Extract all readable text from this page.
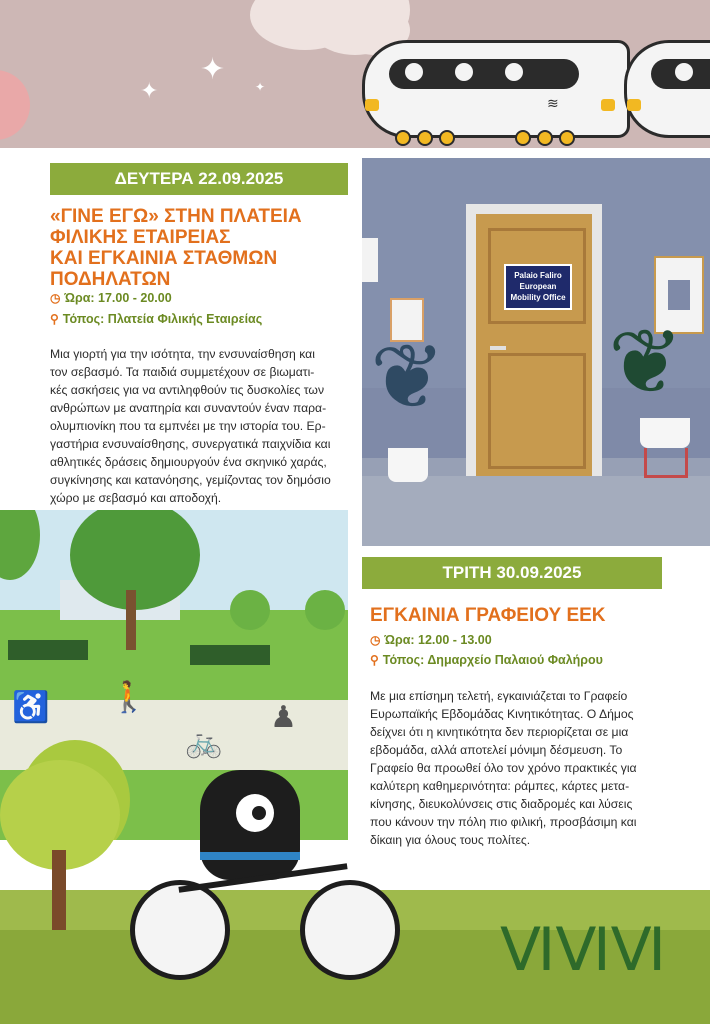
✦
✦	✦
≋
ΔΕΥΤΕΡΑ 22.09.2025
«ΓΙΝΕ ΕΓΩ» ΣΤΗΝ ΠΛΑΤΕΙΑ
ΦΙΛΙΚΗΣ ΕΤΑΙΡΕΙΑΣ
ΚΑΙ ΕΓΚΑΙΝΙΑ ΣΤΑΘΜΩΝ
ΠΟΔΗΛΑΤΩΝ
◷ Ώρα: 17.00 - 20.00
⚲ Τόπος: Πλατεία Φιλικής Εταιρείας
Μια γιορτή για την ισότητα, την ενσυναίσθηση και
τον σεβασμό. Τα παιδιά συμμετέχουν σε βιωματι-
κές ασκήσεις για να αντιληφθούν τις δυσκολίες των
ανθρώπων με αναπηρία και συναντούν έναν παρα-
ολυμπιονίκη που τα εμπνέει με την ιστορία του. Ερ-
γαστήρια ενσυναίσθησης, συνεργατικά παιχνίδια και
αθλητικές δράσεις δημιουργούν ένα σκηνικό χαράς,
συγκίνησης και κατανόησης, γεμίζοντας τον δημόσιο
χώρο με σεβασμό και αποδοχή.
Palaio Faliro
European
Mobility Office
❦ ❦
ΤΡΙΤΗ 30.09.2025
ΕΓΚΑΙΝΙΑ ΓΡΑΦΕΙΟΥ ΕΕΚ
◷ Ώρα: 12.00 - 13.00
⚲ Τόπος: Δημαρχείο Παλαιού Φαλήρου
Με μια επίσημη τελετή, εγκαινιάζεται το Γραφείο
Ευρωπαϊκής Εβδομάδας Κινητικότητας. Ο Δήμος
δείχνει ότι η κινητικότητα δεν περιορίζεται σε μια
εβδομάδα, αλλά αποτελεί μόνιμη δέσμευση. Το
Γραφείο θα προωθεί όλο τον χρόνο πρακτικές για
καλύτερη καθημερινότητα: ράμπες, κάρτες μετα-
κίνησης, διευκολύνσεις στις διαδρομές και λύσεις
που κάνουν την πόλη πιο φιλική, προσβάσιμη και
δίκαιη για όλους τους πολίτες.
♿ 🚶
🚲
♟
ⅥⅥⅥ
